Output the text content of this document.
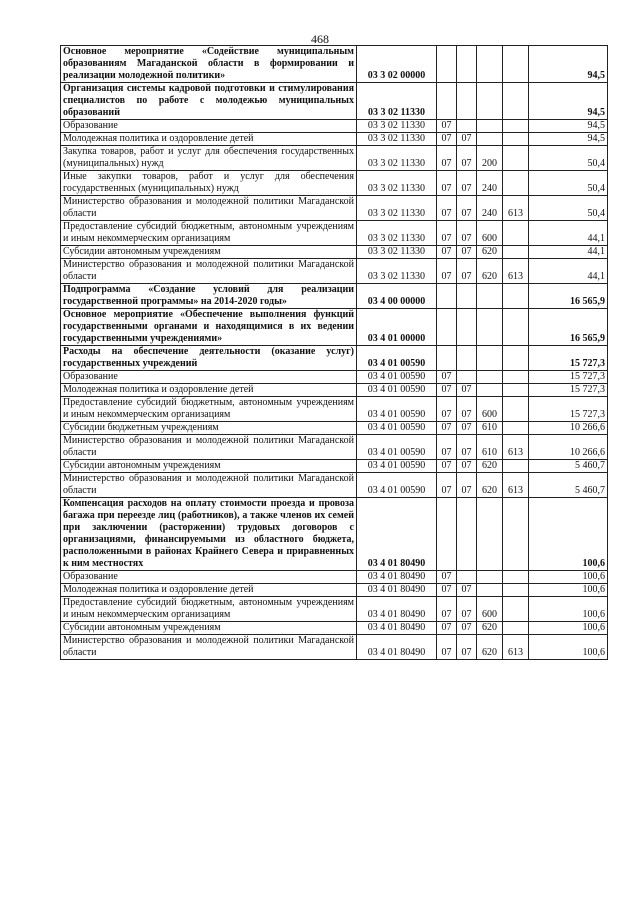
468
Основное мероприятие «Содействие муниципальным образованиям Магаданской области в формировании и реализации молодежной политики»	03 3 02 00000					94,5
Организация системы кадровой подготовки и стимулирования специалистов по работе с молодежью муниципальных образований	03 3 02 11330					94,5
Образование	03 3 02 11330	07				94,5
Молодежная политика и оздоровление детей	03 3 02 11330	07	07			94,5
Закупка товаров, работ и услуг для обеспечения государственных (муниципальных) нужд	03 3 02 11330	07	07	200		50,4
Иные закупки товаров, работ и услуг для обеспечения государственных (муниципальных) нужд	03 3 02 11330	07	07	240		50,4
Министерство образования и молодежной политики Магаданской области	03 3 02 11330	07	07	240	613	50,4
Предоставление субсидий бюджетным, автономным учреждениям и иным некоммерческим организациям	03 3 02 11330	07	07	600		44,1
Субсидии автономным учреждениям	03 3 02 11330	07	07	620		44,1
Министерство образования и молодежной политики Магаданской области	03 3 02 11330	07	07	620	613	44,1
Подпрограмма «Создание условий для реализации государственной программы» на 2014-2020 годы»	03 4 00 00000					16 565,9
Основное мероприятие «Обеспечение выполнения функций государственными органами и находящимися в их ведении государственными учреждениями»	03 4 01 00000					16 565,9
Расходы на обеспечение деятельности (оказание услуг) государственных учреждений	03 4 01 00590					15 727,3
Образование	03 4 01 00590	07				15 727,3
Молодежная политика и оздоровление детей	03 4 01 00590	07	07			15 727,3
Предоставление субсидий бюджетным, автономным учреждениям и иным некоммерческим организациям	03 4 01 00590	07	07	600		15 727,3
Субсидии бюджетным учреждениям	03 4 01 00590	07	07	610		10 266,6
Министерство образования и молодежной политики Магаданской области	03 4 01 00590	07	07	610	613	10 266,6
Субсидии автономным учреждениям	03 4 01 00590	07	07	620		5 460,7
Министерство образования и молодежной политики Магаданской области	03 4 01 00590	07	07	620	613	5 460,7
Компенсация расходов на оплату стоимости проезда и провоза багажа при переезде лиц (работников), а также членов их семей при заключении (расторжении) трудовых договоров с организациями, финансируемыми из областного бюджета, расположенными в районах Крайнего Севера и приравненных к ним местностях	03 4 01 80490					100,6
Образование	03 4 01 80490	07				100,6
Молодежная политика и оздоровление детей	03 4 01 80490	07	07			100,6
Предоставление субсидий бюджетным, автономным учреждениям и иным некоммерческим организациям	03 4 01 80490	07	07	600		100,6
Субсидии автономным учреждениям	03 4 01 80490	07	07	620		100,6
Министерство образования и молодежной политики Магаданской области	03 4 01 80490	07	07	620	613	100,6
